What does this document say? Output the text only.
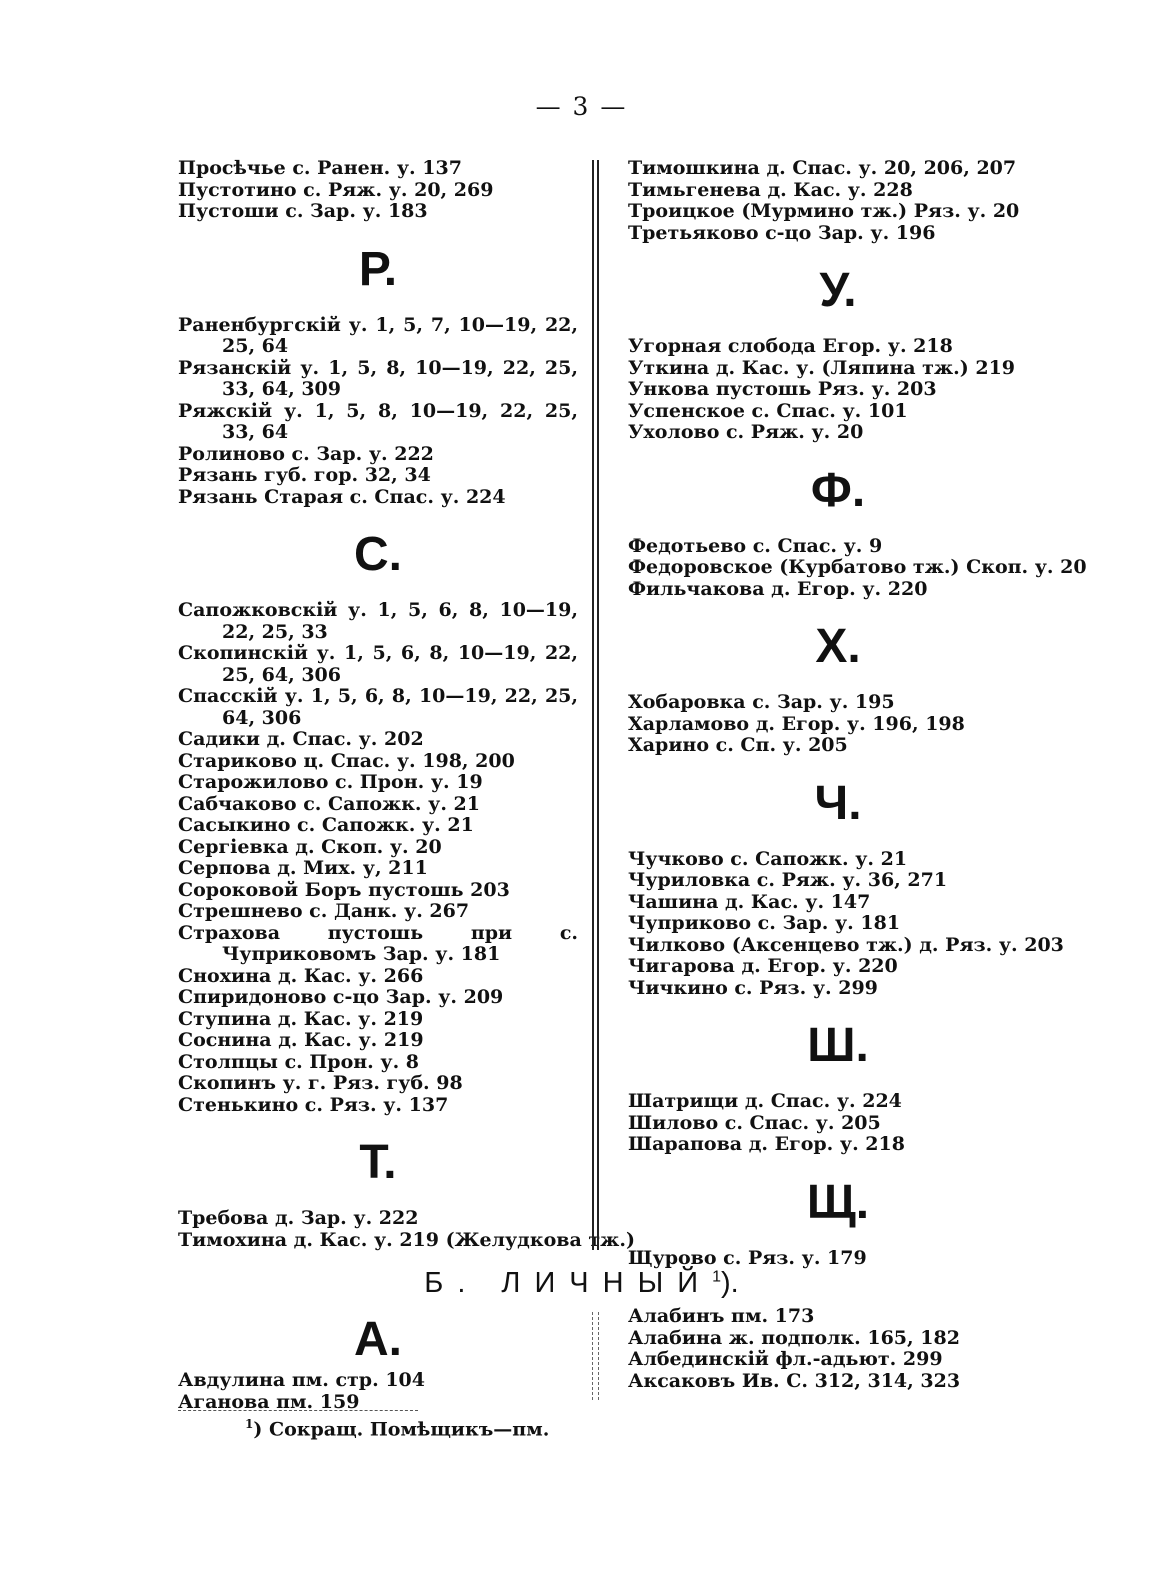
— 3 —
Просѣчье с. Ранен. у. 137
Пустотино с. Ряж. у. 20, 269
Пустоши с. Зар. у. 183
Р.
Раненбургскій у. 1, 5, 7, 10—19, 22, 25, 64
Рязанскій у. 1, 5, 8, 10—19, 22, 25, 33, 64, 309
Ряжскій у. 1, 5, 8, 10—19, 22, 25, 33, 64
Ролиново с. Зар. у. 222
Рязань губ. гор. 32, 34
Рязань Старая с. Спас. у. 224
С.
Сапожковскій у. 1, 5, 6, 8, 10—19, 22, 25, 33
Скопинскій у. 1, 5, 6, 8, 10—19, 22, 25, 64, 306
Спасскій у. 1, 5, 6, 8, 10—19, 22, 25, 64, 306
Садики д. Спас. у. 202
Стариково ц. Спас. у. 198, 200
Старожилово с. Прон. у. 19
Сабчаково с. Сапожк. у. 21
Сасыкино с. Сапожк. у. 21
Сергіевка д. Скоп. у. 20
Серпова д. Мих. у, 211
Сороковой Боръ пустошь 203
Стрешнево с. Данк. у. 267
Страхова пустошь при с. Чуприковомъ Зар. у. 181
Снохина д. Кас. у. 266
Спиридоново с-цо Зар. у. 209
Ступина д. Кас. у. 219
Соснина д. Кас. у. 219
Столпцы с. Прон. у. 8
Скопинъ у. г. Ряз. губ. 98
Стенькино с. Ряз. у. 137
Т.
Требова д. Зар. у. 222
Тимохина д. Кас. у. 219 (Желудкова тж.)
Тимошкина д. Спас. у. 20, 206, 207
Тимьгенева д. Кас. у. 228
Троицкое (Мурмино тж.) Ряз. у. 20
Третьяково с-цо Зар. у. 196
У.
Угорная слобода Егор. у. 218
Уткина д. Кас. у. (Ляпина тж.) 219
Ункова пустошь Ряз. у. 203
Успенское с. Спас. у. 101
Ухолово с. Ряж. у. 20
Ф.
Федотьево с. Спас. у. 9
Федоровское (Курбатово тж.) Скоп. у. 20
Фильчакова д. Егор. у. 220
Х.
Хобаровка с. Зар. у. 195
Харламово д. Егор. у. 196, 198
Харино с. Сп. у. 205
Ч.
Чучково с. Сапожк. у. 21
Чуриловка с. Ряж. у. 36, 271
Чашина д. Кас. у. 147
Чуприково с. Зар. у. 181
Чилково (Аксенцево тж.) д. Ряз. у. 203
Чигарова д. Егор. у. 220
Чичкино с. Ряз. у. 299
Ш.
Шатрищи д. Спас. у. 224
Шилово с. Спас. у. 205
Шарапова д. Егор. у. 218
Щ.
Щурово с. Ряз. у. 179
Б. ЛИЧНЫЙ$^1$).
А.
Авдулина пм. стр. 104
Аганова пм. 159
Алабинъ пм. 173
Алабина ж. подполк. 165, 182
Албединскій фл.-адьют. 299
Аксаковъ Ив. С. 312, 314, 323
$^1$) Сокращ. Помѣщикъ—пм.
